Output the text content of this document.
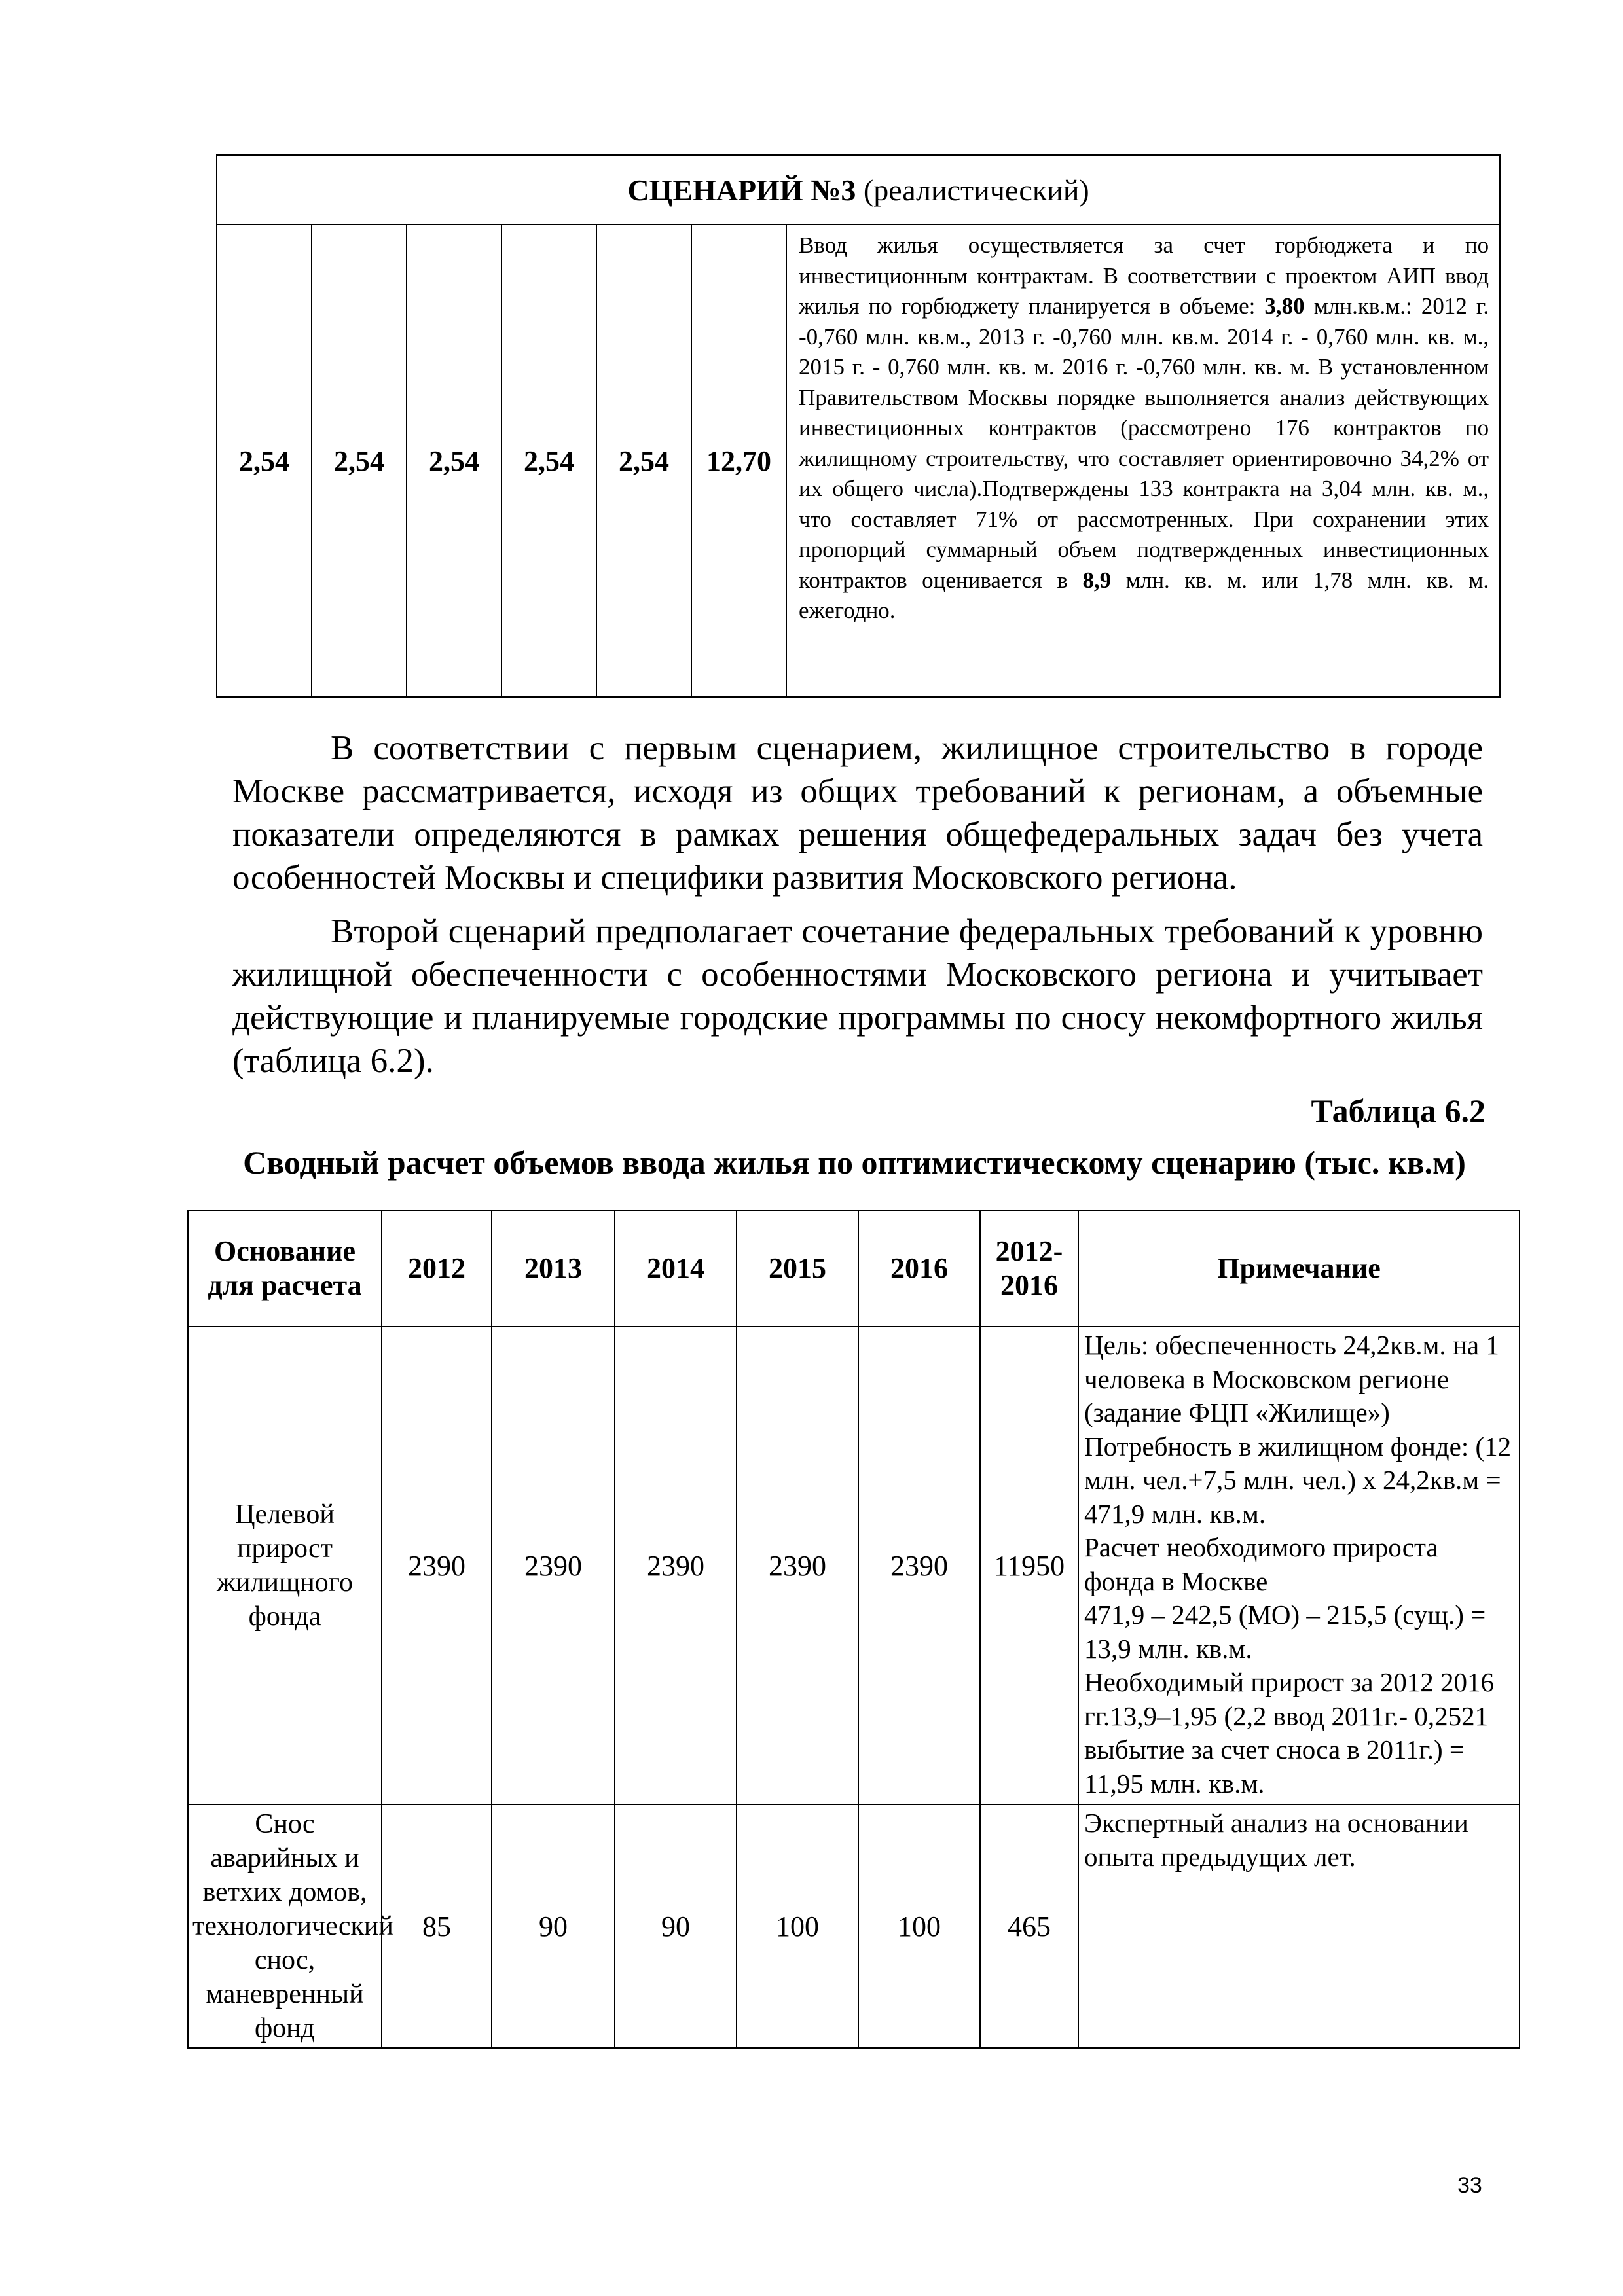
СЦЕНАРИЙ №3 (реалистический)
2,54	2,54	2,54	2,54	2,54	12,70	Ввод жилья осуществляется за счет горбюджета и по инвестиционным контрактам. В соответствии с проектом АИП ввод жилья по горбюджету планируется в объеме: 3,80 млн.кв.м.: 2012 г. -0,760 млн. кв.м., 2013 г. -0,760 млн. кв.м. 2014 г. - 0,760 млн. кв. м., 2015 г. - 0,760 млн. кв. м. 2016 г. -0,760 млн. кв. м. В установленном Правительством Москвы порядке выполняется анализ действующих инвестиционных контрактов (рассмотрено 176 контрактов по жилищному строительству, что составляет ориентировочно 34,2% от их общего числа).Подтверждены 133 контракта на 3,04 млн. кв. м., что составляет 71% от рассмотренных. При сохранении этих пропорций суммарный объем подтвержденных инвестиционных контрактов оценивается в 8,9 млн. кв. м. или 1,78 млн. кв. м. ежегодно.

В соответствии с первым сценарием, жилищное строительство в городе Москве рассматривается, исходя из общих требований к регионам, а объемные показатели определяются в рамках решения общефедеральных задач без учета особенностей Москвы и специфики развития Московского региона.

Второй сценарий предполагает сочетание федеральных требований к уровню жилищной обеспеченности с особенностями Московского региона и учитывает действующие и планируемые городские программы по сносу некомфортного жилья (таблица 6.2).

Таблица 6.2

Сводный расчет объемов ввода жилья по оптимистическому сценарию (тыс. кв.м)

Основание для расчета	2012	2013	2014	2015	2016	2012-2016	Примечание
Целевой прирост жилищного фонда	2390	2390	2390	2390	2390	11950	Цель: обеспеченность 24,2кв.м. на 1 человека в Московском регионе (задание ФЦП «Жилище»)
Потребность в жилищном фонде: (12 млн. чел.+7,5 млн. чел.) х 24,2кв.м = 471,9 млн. кв.м.
Расчет необходимого прироста фонда в Москве
471,9 – 242,5 (МО) – 215,5 (сущ.) = 13,9 млн. кв.м.
Необходимый прирост за 2012 2016 гг.13,9–1,95 (2,2 ввод 2011г.- 0,2521 выбытие за счет сноса в 2011г.) = 11,95 млн. кв.м.

Снос аварийных и ветхих домов, технологический снос, маневренный фонд	85	90	90	100	100	465	Экспертный анализ на основании опыта предыдущих лет.

33
